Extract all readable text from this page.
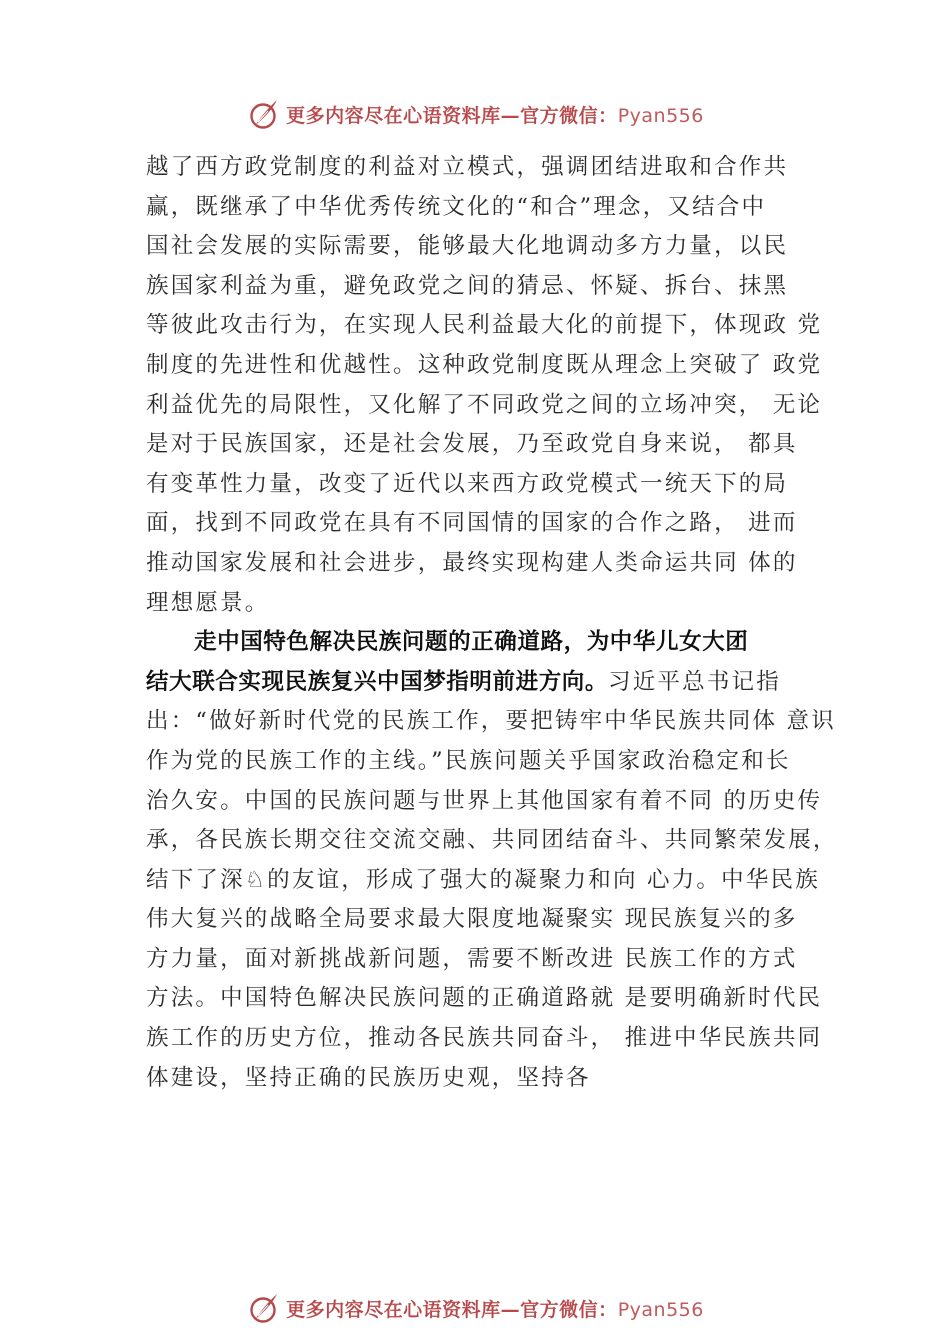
更多内容尽在心语资料库—官方微信：Pyan556
越了西方政党制度的利益对立模式，强调团结进取和合作共
赢，既继承了中华优秀传统文化的“和合”理念，又结合中
国社会发展的实际需要，能够最大化地调动多方力量，以民
族国家利益为重，避免政党之间的猜忌、怀疑、拆台、抹黑
等彼此攻击行为，在实现人民利益最大化的前提下，体现政 党
制度的先进性和优越性。这种政党制度既从理念上突破了 政党
利益优先的局限性，又化解了不同政党之间的立场冲突， 无论
是对于民族国家，还是社会发展，乃至政党自身来说， 都具
有变革性力量，改变了近代以来西方政党模式一统天下的局
面，找到不同政党在具有不同国情的国家的合作之路， 进而
推动国家发展和社会进步，最终实现构建人类命运共同 体的
理想愿景。
走中国特色解决民族问题的正确道路，为中华儿女大团
结大联合实现民族复兴中国梦指明前进方向。习近平总书记指
出：“做好新时代党的民族工作，要把铸牢中华民族共同体 意识
作为党的民族工作的主线。”民族问题关乎国家政治稳定和长
治久安。中国的民族问题与世界上其他国家有着不同 的历史传
承，各民族长期交往交流交融、共同团结奋斗、共同繁荣发展，
结下了深♘的友谊，形成了强大的凝聚力和向 心力。中华民族
伟大复兴的战略全局要求最大限度地凝聚实 现民族复兴的多
方力量，面对新挑战新问题，需要不断改进 民族工作的方式
方法。中国特色解决民族问题的正确道路就 是要明确新时代民
族工作的历史方位，推动各民族共同奋斗， 推进中华民族共同
体建设，坚持正确的民族历史观，坚持各
更多内容尽在心语资料库—官方微信：Pyan556
